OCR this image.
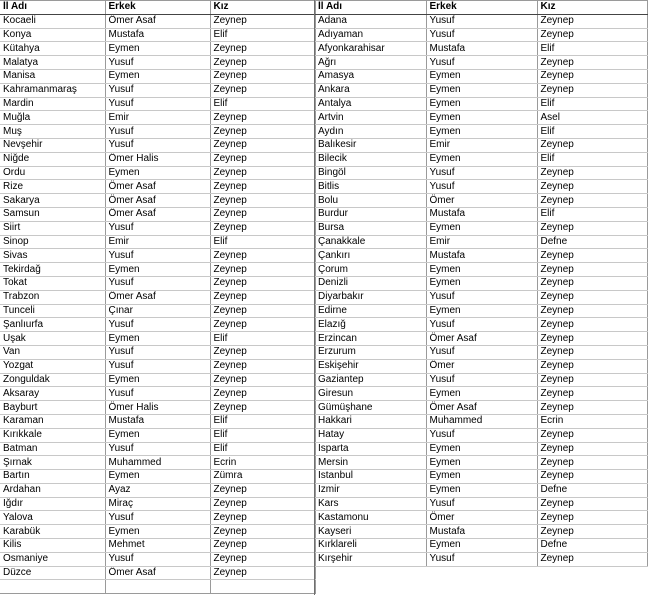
İl Adı	Erkek	Kız
Kocaeli	Ömer Asaf	Zeynep
Konya	Mustafa	Elif
Kütahya	Eymen	Zeynep
Malatya	Yusuf	Zeynep
Manisa	Eymen	Zeynep
Kahramanmaraş	Yusuf	Zeynep
Mardin	Yusuf	Elif
Muğla	Emir	Zeynep
Muş	Yusuf	Zeynep
Nevşehir	Yusuf	Zeynep
Niğde	Ömer Halis	Zeynep
Ordu	Eymen	Zeynep
Rize	Ömer Asaf	Zeynep
Sakarya	Ömer Asaf	Zeynep
Samsun	Ömer Asaf	Zeynep
Siirt	Yusuf	Zeynep
Sinop	Emir	Elif
Sivas	Yusuf	Zeynep
Tekirdağ	Eymen	Zeynep
Tokat	Yusuf	Zeynep
Trabzon	Ömer Asaf	Zeynep
Tunceli	Çınar	Zeynep
Şanlıurfa	Yusuf	Zeynep
Uşak	Eymen	Elif
Van	Yusuf	Zeynep
Yozgat	Yusuf	Zeynep
Zonguldak	Eymen	Zeynep
Aksaray	Yusuf	Zeynep
Bayburt	Ömer Halis	Zeynep
Karaman	Mustafa	Elif
Kırıkkale	Eymen	Elif
Batman	Yusuf	Elif
Şırnak	Muhammed	Ecrin
Bartın	Eymen	Zümra
Ardahan	Ayaz	Zeynep
Iğdır	Miraç	Zeynep
Yalova	Yusuf	Zeynep
Karabük	Eymen	Zeynep
Kilis	Mehmet	Zeynep
Osmaniye	Yusuf	Zeynep
Düzce	Ömer Asaf	Zeynep

İl Adı	Erkek	Kız
Adana	Yusuf	Zeynep
Adıyaman	Yusuf	Zeynep
Afyonkarahisar	Mustafa	Elif
Ağrı	Yusuf	Zeynep
Amasya	Eymen	Zeynep
Ankara	Eymen	Zeynep
Antalya	Eymen	Elif
Artvin	Eymen	Asel
Aydın	Eymen	Elif
Balıkesir	Emir	Zeynep
Bilecik	Eymen	Elif
Bingöl	Yusuf	Zeynep
Bitlis	Yusuf	Zeynep
Bolu	Ömer	Zeynep
Burdur	Mustafa	Elif
Bursa	Eymen	Zeynep
Çanakkale	Emir	Defne
Çankırı	Mustafa	Zeynep
Çorum	Eymen	Zeynep
Denizli	Eymen	Zeynep
Diyarbakır	Yusuf	Zeynep
Edirne	Eymen	Zeynep
Elazığ	Yusuf	Zeynep
Erzincan	Ömer Asaf	Zeynep
Erzurum	Yusuf	Zeynep
Eskişehir	Ömer	Zeynep
Gaziantep	Yusuf	Zeynep
Giresun	Eymen	Zeynep
Gümüşhane	Ömer Asaf	Zeynep
Hakkari	Muhammed	Ecrin
Hatay	Yusuf	Zeynep
Isparta	Eymen	Zeynep
Mersin	Eymen	Zeynep
İstanbul	Eymen	Zeynep
İzmir	Eymen	Defne
Kars	Yusuf	Zeynep
Kastamonu	Ömer	Zeynep
Kayseri	Mustafa	Zeynep
Kırklareli	Eymen	Defne
Kırşehir	Yusuf	Zeynep
